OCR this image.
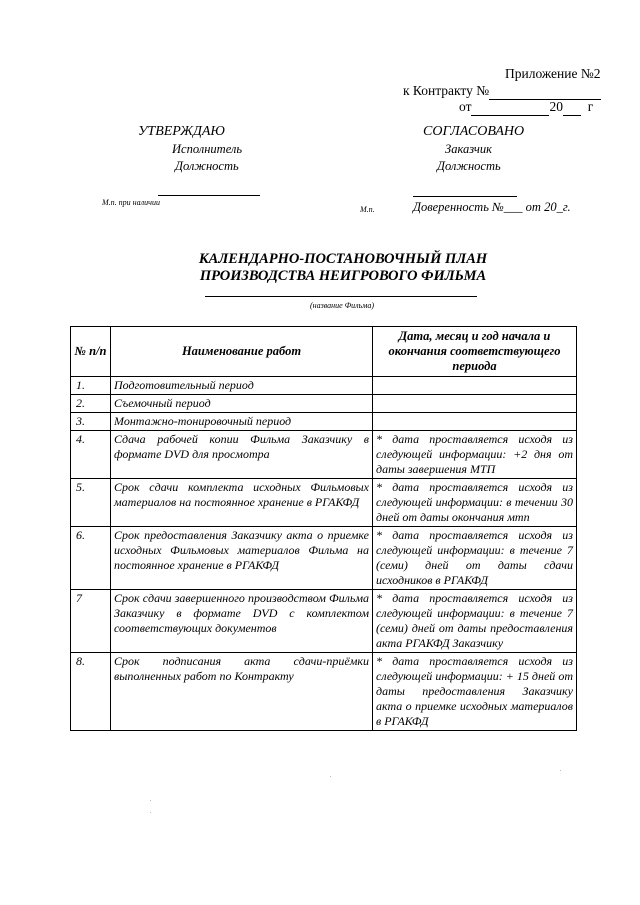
Приложение №2
к Контракту №
от	20 г
УТВЕРЖДАЮ
Исполнитель
Должность
М.п. при наличии
СОГЛАСОВАНО
Заказчик
Должность
М.п.	Доверенность №___ от 20_г.
КАЛЕНДАРНО-ПОСТАНОВОЧНЫЙ ПЛАН
ПРОИЗВОДСТВА НЕИГРОВОГО ФИЛЬМА
(название Фильма)
№ п/п	Наименование работ	Дата, месяц и год начала и окончания соответствующего периода
1.	Подготовительный период	
2.	Съемочный период	
3.	Монтажно-тонировочный период	
4.	Сдача рабочей копии Фильма Заказчику в формате DVD для просмотра	* дата проставляется исходя из следующей информации: +2 дня от даты завершения МТП
5.	Срок сдачи комплекта исходных Фильмовых материалов на постоянное хранение в РГАКФД	* дата проставляется исходя из следующей информации: в течении 30 дней от даты окончания мтп
6.	Срок предоставления Заказчику акта о приемке исходных Фильмовых материалов Фильма на постоянное хранение в РГАКФД	* дата проставляется исходя из следующей информации: в течение 7 (семи) дней от даты сдачи исходников в РГАКФД
7	Срок сдачи завершенного производством Фильма Заказчику в формате DVD с комплектом соответствующих документов	* дата проставляется исходя из следующей информации: в течение 7 (семи) дней от даты предоставления акта РГАКФД Заказчику
8.	Срок подписания акта сдачи-приёмки выполненных работ по Контракту	* дата проставляется исходя из следующей информации: + 15 дней от даты предоставления Заказчику акта о приемке исходных материалов в РГАКФД
